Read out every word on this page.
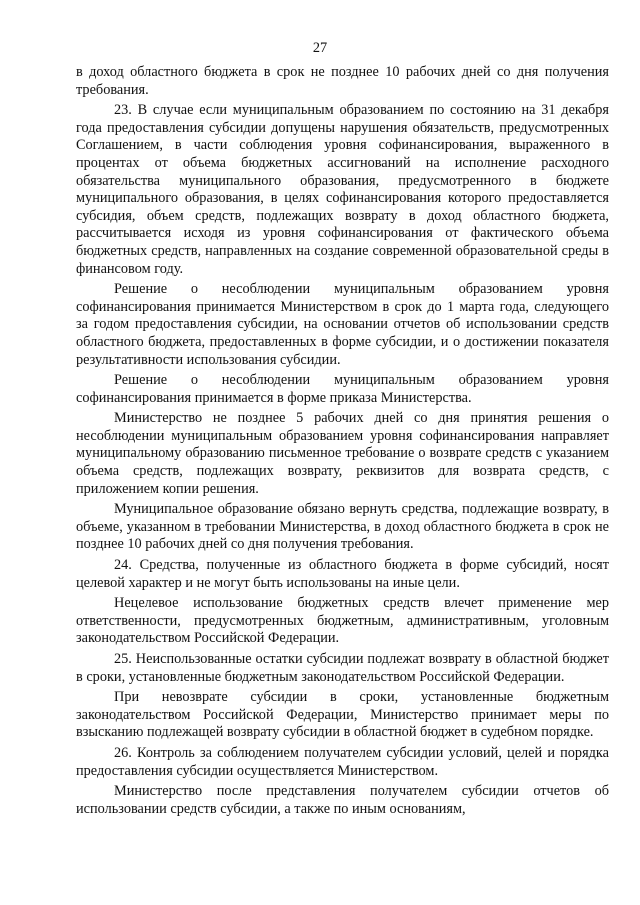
27

в доход областного бюджета в срок не позднее 10 рабочих дней со дня получения требования.

23. В случае если муниципальным образованием по состоянию на 31 декабря года предоставления субсидии допущены нарушения обязательств, предусмотренных Соглашением, в части соблюдения уровня софинансирования, выраженного в процентах от объема бюджетных ассигнований на исполнение расходного обязательства муниципального образования, предусмотренного в бюджете муниципального образования, в целях софинансирования которого предоставляется субсидия, объем средств, подлежащих возврату в доход областного бюджета, рассчитывается исходя из уровня софинансирования от фактического объема бюджетных средств, направленных на создание современной образовательной среды в финансовом году.

Решение о несоблюдении муниципальным образованием уровня софинансирования принимается Министерством в срок до 1 марта года, следующего за годом предоставления субсидии, на основании отчетов об использовании средств областного бюджета, предоставленных в форме субсидии, и о достижении показателя результативности использования субсидии.

Решение о несоблюдении муниципальным образованием уровня софинансирования принимается в форме приказа Министерства.

Министерство не позднее 5 рабочих дней со дня принятия решения о несоблюдении муниципальным образованием уровня софинансирования направляет муниципальному образованию письменное требование о возврате средств с указанием объема средств, подлежащих возврату, реквизитов для возврата средств, с приложением копии решения.

Муниципальное образование обязано вернуть средства, подлежащие возврату, в объеме, указанном в требовании Министерства, в доход областного бюджета в срок не позднее 10 рабочих дней со дня получения требования.

24. Средства, полученные из областного бюджета в форме субсидий, носят целевой характер и не могут быть использованы на иные цели.

Нецелевое использование бюджетных средств влечет применение мер ответственности, предусмотренных бюджетным, административным, уголовным законодательством Российской Федерации.

25. Неиспользованные остатки субсидии подлежат возврату в областной бюджет в сроки, установленные бюджетным законодательством Российской Федерации.

При невозврате субсидии в сроки, установленные бюджетным законодательством Российской Федерации, Министерство принимает меры по взысканию подлежащей возврату субсидии в областной бюджет в судебном порядке.

26. Контроль за соблюдением получателем субсидии условий, целей и порядка предоставления субсидии осуществляется Министерством.

Министерство после представления получателем субсидии отчетов об использовании средств субсидии, а также по иным основаниям,
